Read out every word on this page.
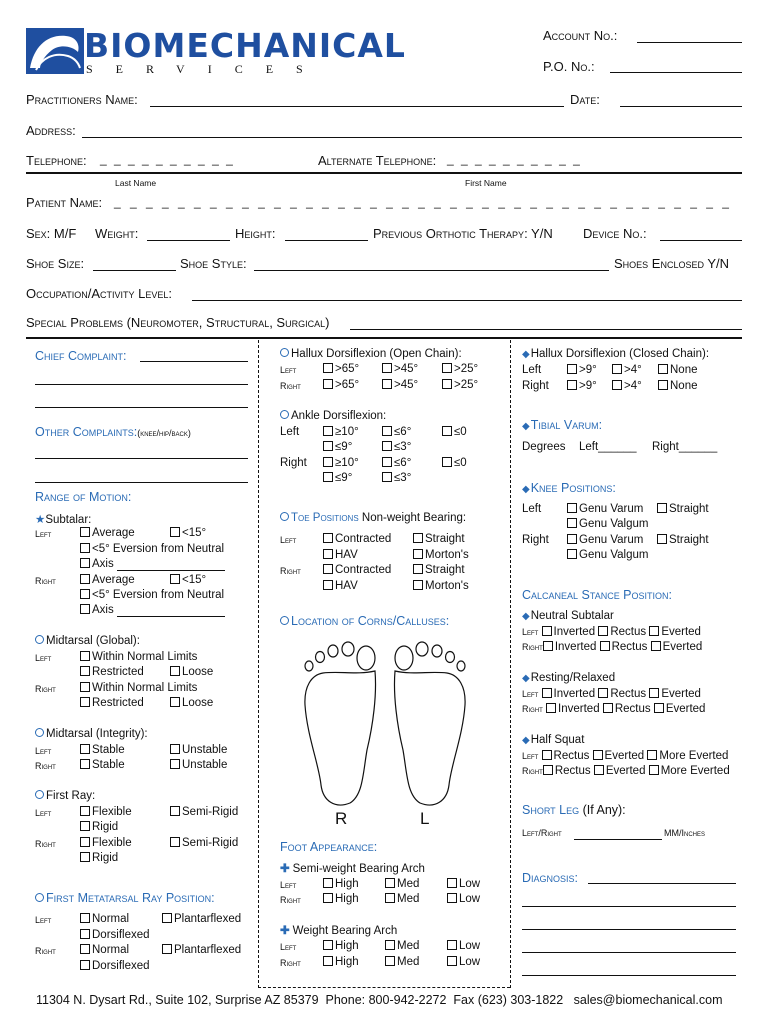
BIOMECHANICAL
SERVICES
Account No.:
P.O. No.:
Practitioners Name:	Date:
Address:
Telephone: _ _ _ _ _ _ _ _ _ _	Alternate Telephone: _ _ _ _ _ _ _ _ _ _
Last Name	First Name
Patient Name: _ _ _ _ _ _ _ _ _ _ _ _ _ _ _ _ _ _ _ _ _ _ _ _ _ _ _ _ _ _ _ _ _ _ _ _ _ _ _
Sex: M/F Weight:	Height:	Previous Orthotic Therapy: Y/N Device No.:
Shoe Size:	Shoe Style:	Shoes Enclosed Y/N
Occupation/Activity Level:
Special Problems (Neuromoter, Structural, Surgical)
Chief Complaint:
Other Complaints:(knee/hip/back)
Range of Motion:
★Subtalar:
Left	Average	<15°
<5° Eversion from Neutral
Axis
Right	Average	<15°
<5° Eversion from Neutral
Axis
Midtarsal (Global):
Left	Within Normal Limits
Restricted	Loose
Right	Within Normal Limits
Restricted	Loose
Midtarsal (Integrity):
Left	Stable	Unstable
Right	Stable	Unstable
First Ray:
Left	Flexible	Semi-Rigid
Rigid
Right	Flexible	Semi-Rigid
Rigid
First Metatarsal Ray Position:
Left	Normal	Plantarflexed
Dorsiflexed
Right	Normal	Plantarflexed
Dorsiflexed
Hallux Dorsiflexion (Open Chain):
Left	>65°	>45°	>25°
Right	>65°	>45°	>25°
Ankle Dorsiflexion:
Left	≥10°	≤6°	≤0
≤9°	≤3°
Right	≥10°	≤6°	≤0
≤9°	≤3°
Toe Positions Non-weight Bearing:
Left	Contracted	Straight
HAV	Morton's
Right	Contracted	Straight
HAV	Morton's
Location of Corns/Calluses:
R	L
Foot Appearance:
✚ Semi-weight Bearing Arch
Left	High	Med	Low
Right	High	Med	Low
✚ Weight Bearing Arch
Left	High	Med	Low
Right	High	Med	Low
◆Hallux Dorsiflexion (Closed Chain):
Left	>9°	>4°	None
Right	>9°	>4°	None
◆Tibial Varum:
Degrees Left______ Right______
◆Knee Positions:
Left	Genu Varum	Straight
Genu Valgum
Right	Genu Varum	Straight
Genu Valgum
Calcaneal Stance Position:
◆Neutral Subtalar
Left Inverted Rectus Everted
Right Inverted Rectus Everted
◆Resting/Relaxed
Left Inverted Rectus Everted
Right Inverted Rectus Everted
◆Half Squat
Left Rectus Everted More Everted
Right Rectus Everted More Everted
Short Leg (If Any):
Left/Right	MM/Inches
Diagnosis:
11304 N. Dysart Rd., Suite 102, Surprise AZ 85379 Phone: 800-942-2272 Fax (623) 303-1822 sales@biomechanical.com
